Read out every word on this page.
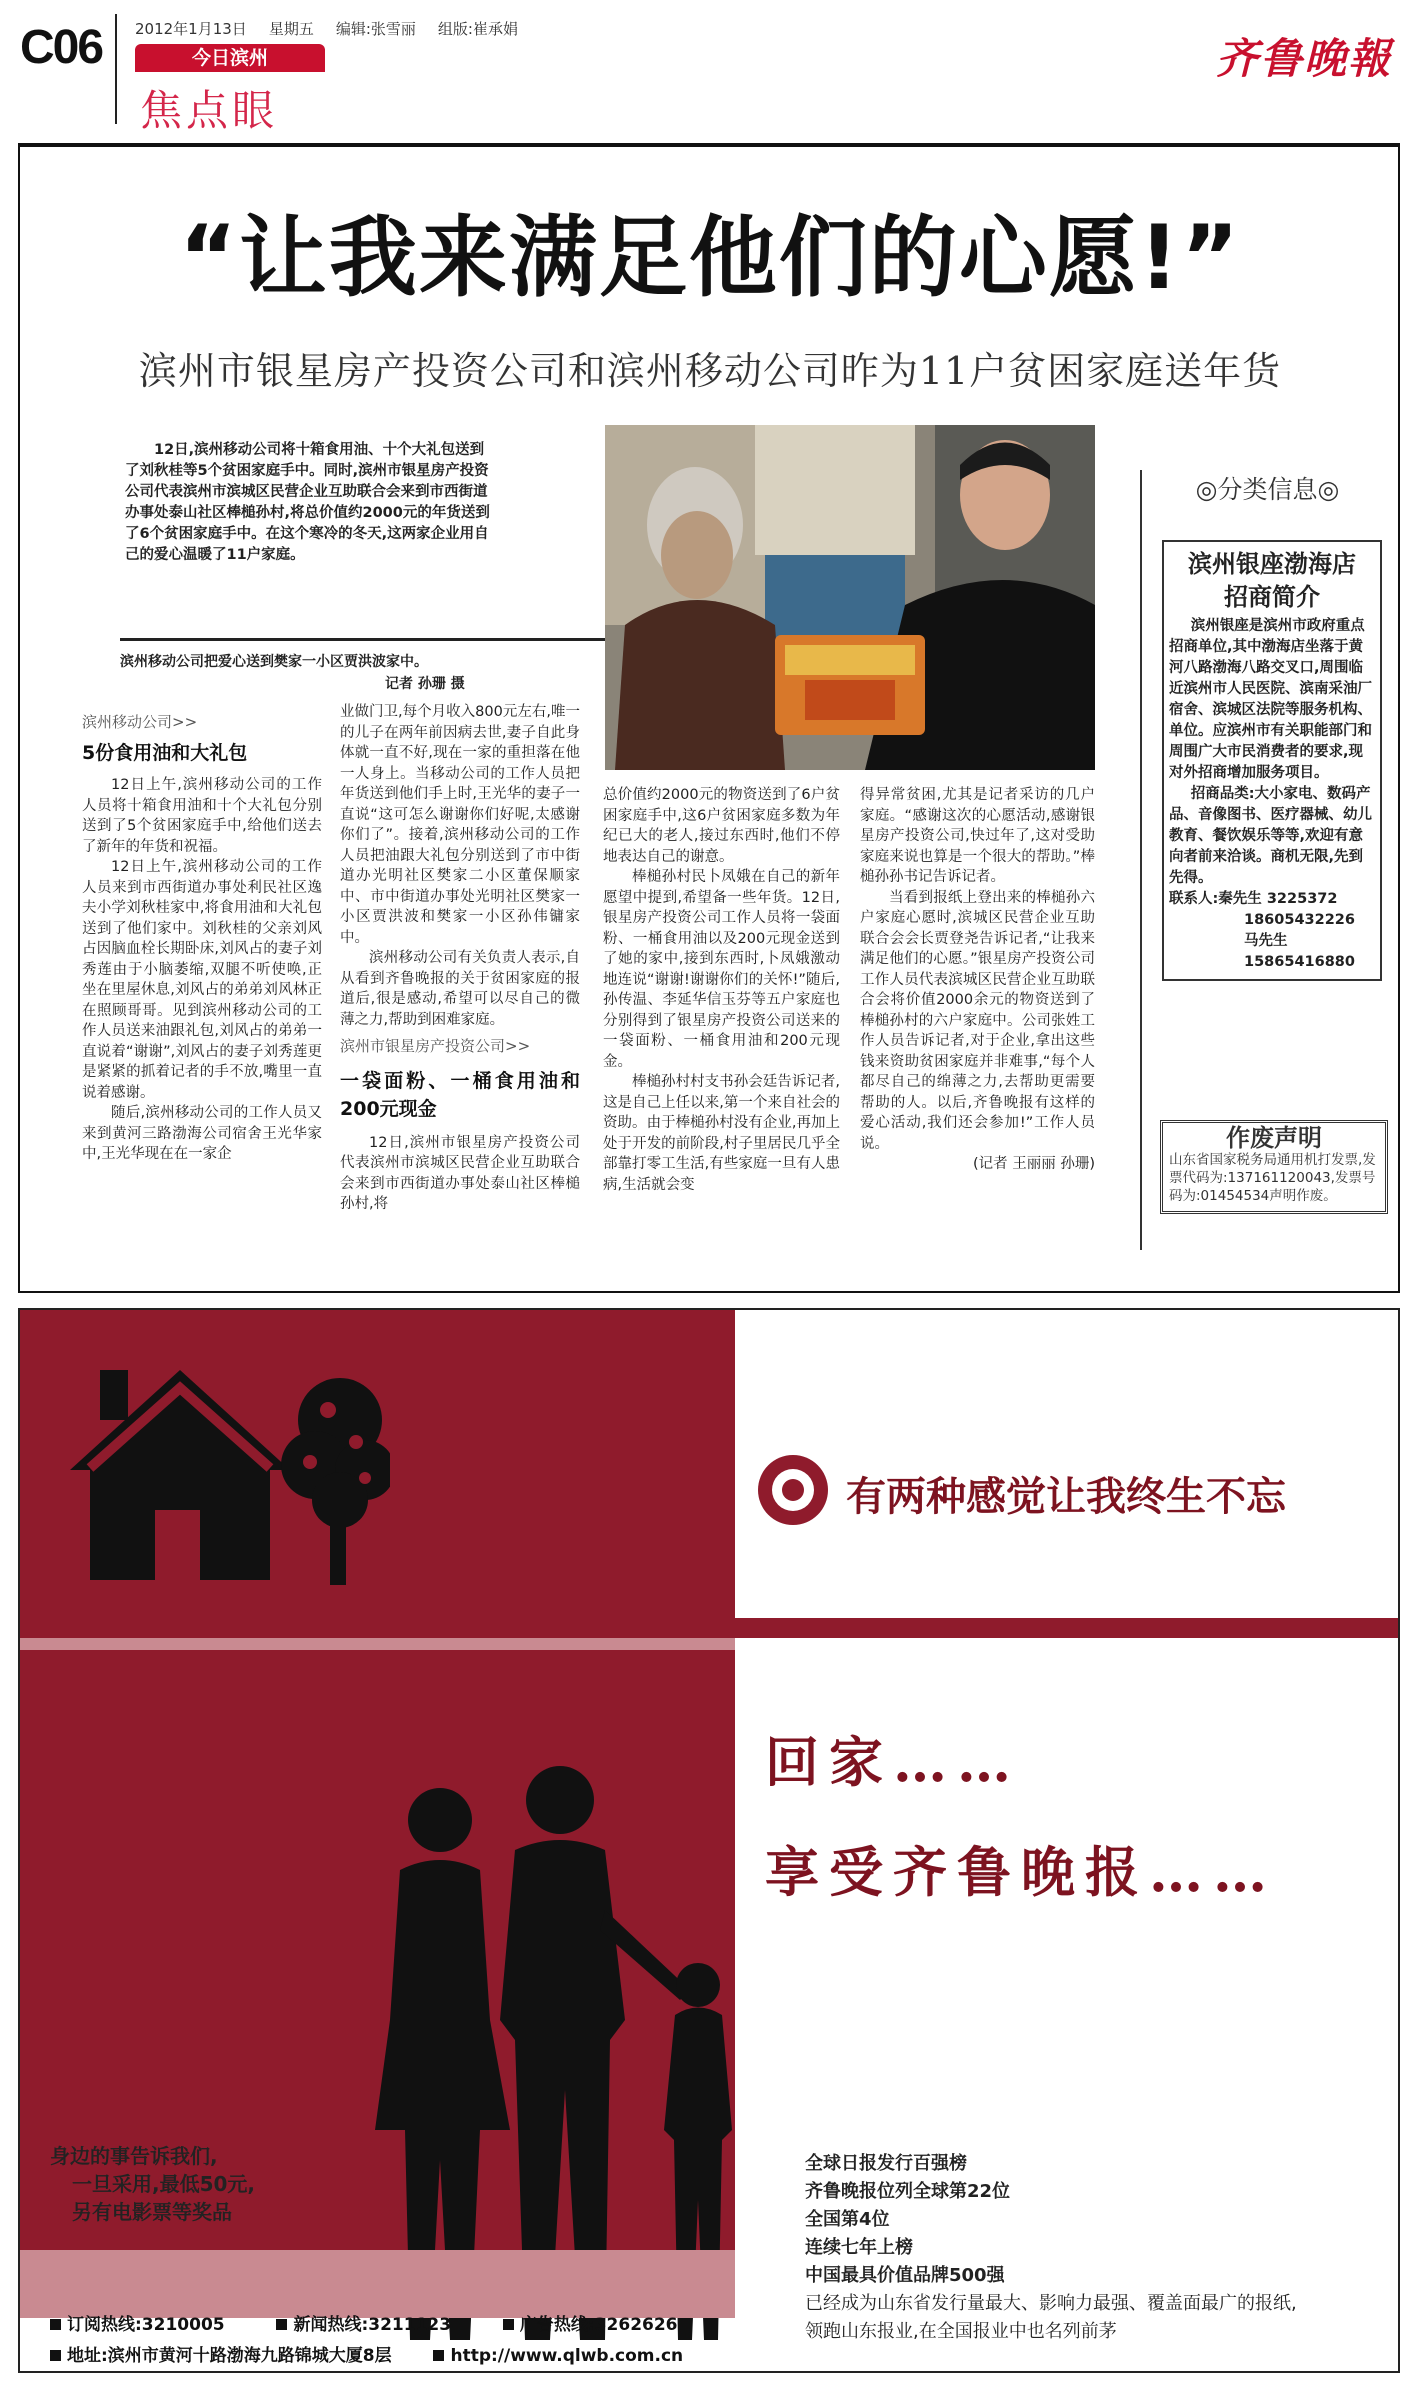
C06 2012年1月13日 星期五 编辑:张雪丽 组版:崔承娟
今日滨州
焦点眼
齐鲁晚報
“让我来满足他们的心愿!”
滨州市银星房产投资公司和滨州移动公司昨为11户贫困家庭送年货
12日,滨州移动公司将十箱食用油、十个大礼包送到了刘秋桂等5个贫困家庭手中。同时,滨州市银星房产投资公司代表滨州市滨城区民营企业互助联合会来到市西街道办事处泰山社区棒槌孙村,将总价值约2000元的年货送到了6个贫困家庭手中。在这个寒冷的冬天,这两家企业用自己的爱心温暖了11户家庭。
滨州移动公司把爱心送到樊家一小区贾洪波家中。
记者 孙珊 摄
滨州移动公司>>
5份食用油和大礼包

12日上午,滨州移动公司的工作人员将十箱食用油和十个大礼包分别送到了5个贫困家庭手中,给他们送去了新年的年货和祝福。

12日上午,滨州移动公司的工作人员来到市西街道办事处利民社区逸夫小学刘秋桂家中,将食用油和大礼包送到了他们家中。刘秋桂的父亲刘风占因脑血栓长期卧床,刘风占的妻子刘秀莲由于小脑萎缩,双腿不听使唤,正坐在里屋休息,刘风占的弟弟刘风林正在照顾哥哥。见到滨州移动公司的工作人员送来油跟礼包,刘风占的弟弟一直说着“谢谢”,刘风占的妻子刘秀莲更是紧紧的抓着记者的手不放,嘴里一直说着感谢。

随后,滨州移动公司的工作人员又来到黄河三路渤海公司宿舍王光华家中,王光华现在在一家企

业做门卫,每个月收入800元左右,唯一的儿子在两年前因病去世,妻子自此身体就一直不好,现在一家的重担落在他一人身上。当移动公司的工作人员把年货送到他们手上时,王光华的妻子一直说“这可怎么谢谢你们好呢,太感谢你们了”。接着,滨州移动公司的工作人员把油跟大礼包分别送到了市中街道办光明社区樊家二小区董保顺家中、市中街道办事处光明社区樊家一小区贾洪波和樊家一小区孙伟镛家中。

滨州移动公司有关负责人表示,自从看到齐鲁晚报的关于贫困家庭的报道后,很是感动,希望可以尽自己的微薄之力,帮助到困难家庭。

滨州市银星房产投资公司>>
一袋面粉、一桶食用油和200元现金

12日,滨州市银星房产投资公司代表滨州市滨城区民营企业互助联合会来到市西街道办事处泰山社区棒槌孙村,将

总价值约2000元的物资送到了6户贫困家庭手中,这6户贫困家庭多数为年纪已大的老人,接过东西时,他们不停地表达自己的谢意。

棒槌孙村民卜凤娥在自己的新年愿望中提到,希望备一些年货。12日,银星房产投资公司工作人员将一袋面粉、一桶食用油以及200元现金送到了她的家中,接到东西时,卜凤娥激动地连说“谢谢!谢谢你们的关怀!”随后,孙传温、李延华信玉芬等五户家庭也分别得到了银星房产投资公司送来的一袋面粉、一桶食用油和200元现金。

棒槌孙村村支书孙会廷告诉记者,这是自己上任以来,第一个来自社会的资助。由于棒槌孙村没有企业,再加上处于开发的前阶段,村子里居民几乎全部靠打零工生活,有些家庭一旦有人患病,生活就会变

得异常贫困,尤其是记者采访的几户家庭。“感谢这次的心愿活动,感谢银星房产投资公司,快过年了,这对受助家庭来说也算是一个很大的帮助。”棒槌孙孙书记告诉记者。

当看到报纸上登出来的棒槌孙六户家庭心愿时,滨城区民营企业互助联合会会长贾登尧告诉记者,“让我来满足他们的心愿。”银星房产投资公司工作人员代表滨城区民营企业互助联合会将价值2000余元的物资送到了棒槌孙村的六户家庭中。公司张姓工作人员告诉记者,对于企业,拿出这些钱来资助贫困家庭并非难事,“每个人都尽自己的绵薄之力,去帮助更需要帮助的人。以后,齐鲁晚报有这样的爱心活动,我们还会参加!”工作人员说。

(记者 王丽丽 孙珊)
◎分类信息◎
滨州银座渤海店
招商简介

滨州银座是滨州市政府重点招商单位,其中渤海店坐落于黄河八路渤海八路交叉口,周围临近滨州市人民医院、滨南采油厂宿舍、滨城区法院等服务机构、单位。应滨州市有关职能部门和周围广大市民消费者的要求,现对外招商增加服务项目。

招商品类:大小家电、数码产品、音像图书、医疗器械、幼儿教育、餐饮娱乐等等,欢迎有意向者前来洽谈。商机无限,先到先得。

联系人:秦先生 3225372
18605432226
马先生
15865416880
作废声明
山东省国家税务局通用机打发票,发票代码为:137161120043,发票号码为:01454534声明作废。
有两种感觉让我终生不忘
回家……
享受齐鲁晚报……
身边的事告诉我们,
一旦采用,最低50元,
另有电影票等奖品
全球日报发行百强榜
齐鲁晚报位列全球第22位
全国第4位
连续七年上榜
中国最具价值品牌500强
已经成为山东省发行量最大、影响力最强、覆盖面最广的报纸,
领跑山东报业,在全国报业中也名列前茅
订阅热线:3210005	新闻热线:3211123	广告热线:3262626
地址:滨州市黄河十路渤海九路锦城大厦8层	http://www.qlwb.com.cn
